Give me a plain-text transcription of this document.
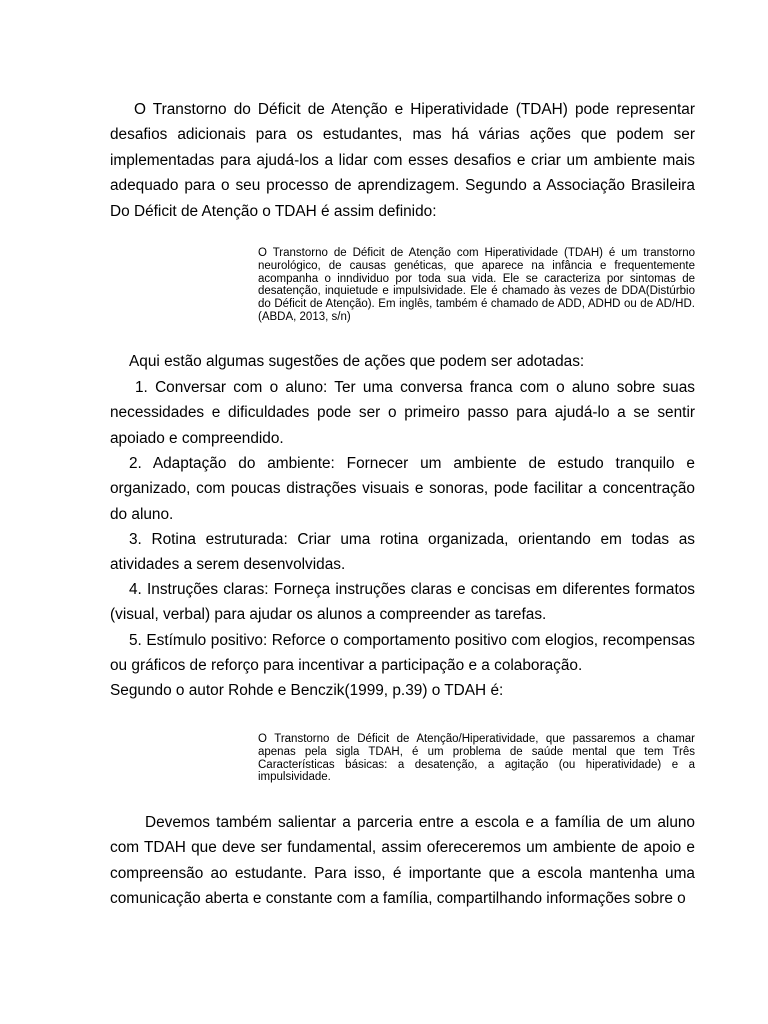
O Transtorno do Déficit de Atenção e Hiperatividade (TDAH) pode representar desafios adicionais para os estudantes, mas há várias ações que podem ser implementadas para ajudá-los a lidar com esses desafios e criar um ambiente mais adequado para o seu processo de aprendizagem. Segundo a Associação Brasileira Do Déficit de Atenção o TDAH é assim definido:

O Transtorno de Déficit de Atenção com Hiperatividade (TDAH) é um transtorno neurológico, de causas genéticas, que aparece na infância e frequentemente acompanha o inndividuo por toda sua vida. Ele se caracteriza por sintomas de desatenção, inquietude e impulsividade. Ele é chamado às vezes de DDA(Distúrbio do Déficit de Atenção). Em inglês, também é chamado de ADD, ADHD ou de AD/HD.(ABDA, 2013, s/n)

Aqui estão algumas sugestões de ações que podem ser adotadas:

1. Conversar com o aluno: Ter uma conversa franca com o aluno sobre suas necessidades e dificuldades pode ser o primeiro passo para ajudá-lo a se sentir apoiado e compreendido.

2. Adaptação do ambiente: Fornecer um ambiente de estudo tranquilo e organizado, com poucas distrações visuais e sonoras, pode facilitar a concentração do aluno.

3. Rotina estruturada: Criar uma rotina organizada, orientando em todas as atividades a serem desenvolvidas.

4. Instruções claras: Forneça instruções claras e concisas em diferentes formatos (visual, verbal) para ajudar os alunos a compreender as tarefas.

5. Estímulo positivo: Reforce o comportamento positivo com elogios, recompensas ou gráficos de reforço para incentivar a participação e a colaboração.

Segundo o autor Rohde e Benczik(1999, p.39) o TDAH é:

O Transtorno de Déficit de Atenção/Hiperatividade, que passaremos a chamar apenas pela sigla TDAH, é um problema de saúde mental que tem Três Características básicas: a desatenção, a agitação (ou hiperatividade) e a impulsividade.

Devemos também salientar a parceria entre a escola e a família de um aluno com TDAH que deve ser fundamental, assim ofereceremos um ambiente de apoio e compreensão ao estudante. Para isso, é importante que a escola mantenha uma comunicação aberta e constante com a família, compartilhando informações sobre o
